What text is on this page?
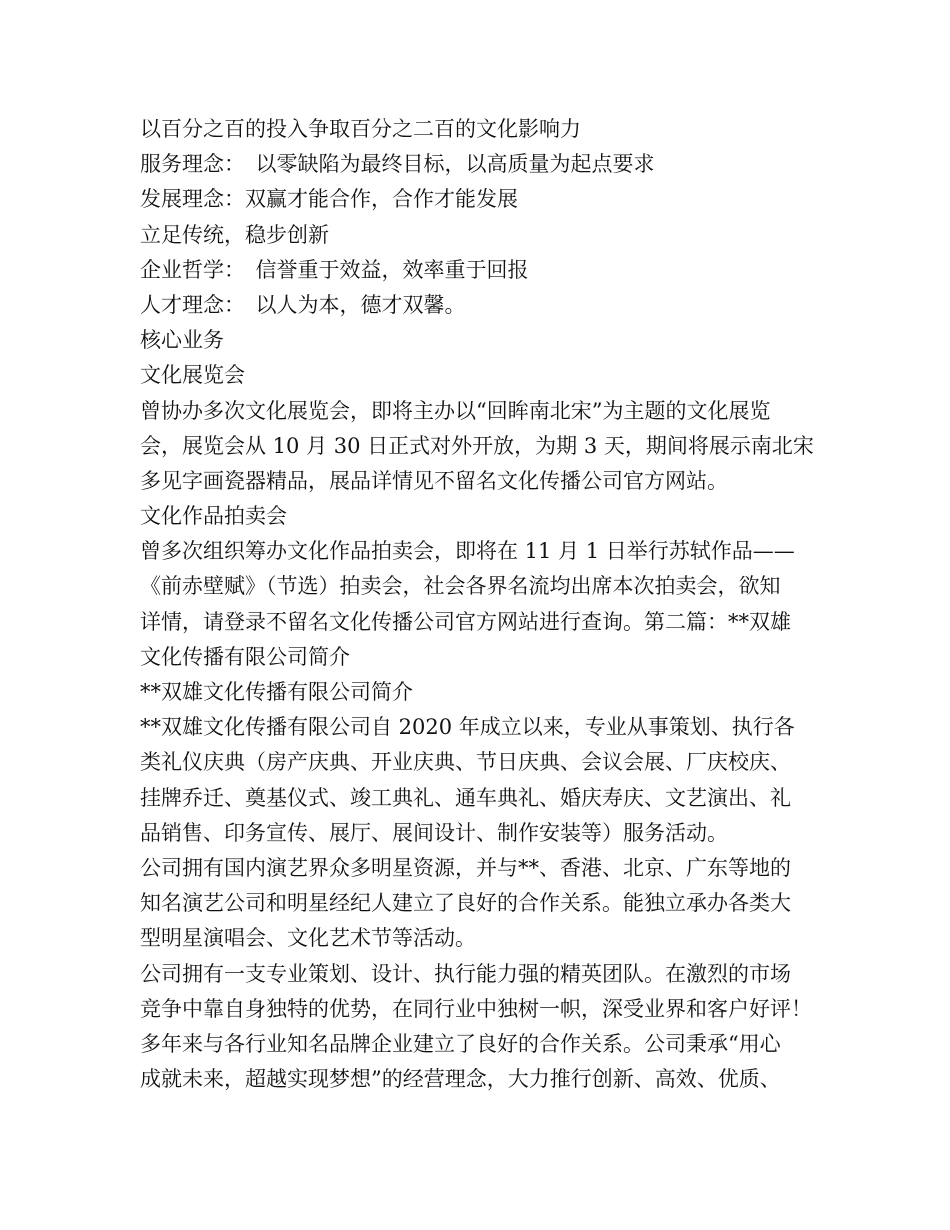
以百分之百的投入争取百分之二百的文化影响力
服务理念：　以零缺陷为最终目标，以高质量为起点要求
发展理念：双赢才能合作，合作才能发展
立足传统，稳步创新
企业哲学：　信誉重于效益，效率重于回报
人才理念：　以人为本，德才双馨。
核心业务
文化展览会
曾协办多次文化展览会，即将主办以“回眸南北宋”为主题的文化展览
会，展览会从 10 月 30 日正式对外开放，为期 3 天，期间将展示南北宋
多见字画瓷器精品，展品详情见不留名文化传播公司官方网站。
文化作品拍卖会
曾多次组织筹办文化作品拍卖会，即将在 11 月 1 日举行苏轼作品——
《前赤壁赋》（节选）拍卖会，社会各界名流均出席本次拍卖会，欲知
详情，请登录不留名文化传播公司官方网站进行查询。第二篇：**双雄
文化传播有限公司简介
**双雄文化传播有限公司简介
**双雄文化传播有限公司自 2020 年成立以来，专业从事策划、执行各
类礼仪庆典（房产庆典、开业庆典、节日庆典、会议会展、厂庆校庆、
挂牌乔迁、奠基仪式、竣工典礼、通车典礼、婚庆寿庆、文艺演出、礼
品销售、印务宣传、展厅、展间设计、制作安装等）服务活动。
公司拥有国内演艺界众多明星资源，并与**、香港、北京、广东等地的
知名演艺公司和明星经纪人建立了良好的合作关系。能独立承办各类大
型明星演唱会、文化艺术节等活动。
公司拥有一支专业策划、设计、执行能力强的精英团队。在激烈的市场
竞争中靠自身独特的优势，在同行业中独树一帜，深受业界和客户好评！
多年来与各行业知名品牌企业建立了良好的合作关系。公司秉承“用心
成就未来，超越实现梦想”的经营理念，大力推行创新、高效、优质、
